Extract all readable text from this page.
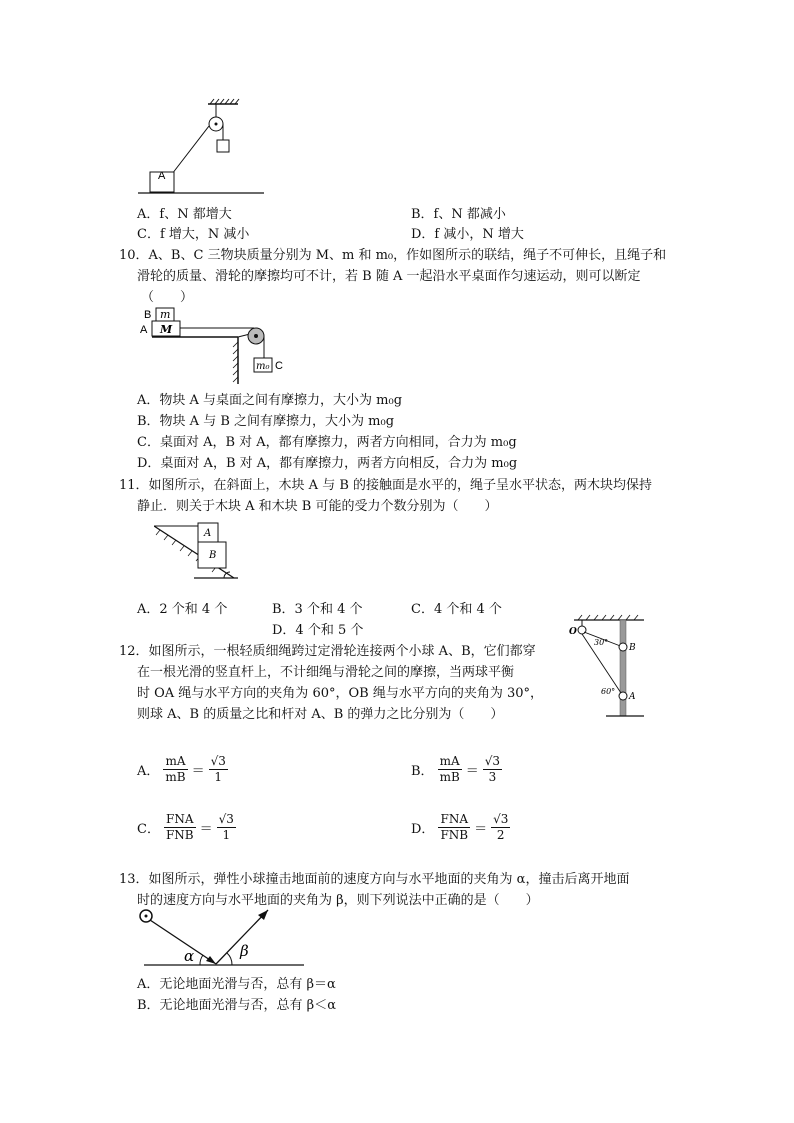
A
A．f、N 都增大	B．f、N 都减小
C．f 增大，N 减小	D．f 减小，N 增大
10．A、B、C 三物块质量分别为 M、m 和 m₀，作如图所示的联结，绳子不可伸长，且绳子和
滑轮的质量、滑轮的摩擦均可不计，若 B 随 A 一起沿水平桌面作匀速运动，则可以断定
（　　）
m
B
M
A
m₀ C
A．物块 A 与桌面之间有摩擦力，大小为 m₀g
B．物块 A 与 B 之间有摩擦力，大小为 m₀g
C．桌面对 A，B 对 A，都有摩擦力，两者方向相同，合力为 m₀g
D．桌面对 A，B 对 A，都有摩擦力，两者方向相反，合力为 m₀g
11．如图所示，在斜面上，木块 A 与 B 的接触面是水平的，绳子呈水平状态，两木块均保持
静止．则关于木块 A 和木块 B 可能的受力个数分别为（　　）
A
B
A．2 个和 4 个	B．3 个和 4 个	C．4 个和 4 个
D．4 个和 5 个
12．如图所示，一根轻质细绳跨过定滑轮连接两个小球 A、B，它们都穿
在一根光滑的竖直杆上，不计细绳与滑轮之间的摩擦，当两球平衡
时 OA 绳与水平方向的夹角为 60°，OB 绳与水平方向的夹角为 30°，
则球 A、B 的质量之比和杆对 A、B 的弹力之比分别为（　　）
O
B
A
30°
60°
A． $\frac{mA}{mB} = \frac{√3}{1}$	B． $\frac{mA}{mB} = \frac{√3}{3}$
C． $\frac{\text{FNA}}{\text{FNB}} = \frac{√3}{1}$	D． $\frac{\text{FNA}}{\text{FNB}} = \frac{√3}{2}$
13．如图所示，弹性小球撞击地面前的速度方向与水平地面的夹角为 α，撞击后离开地面
时的速度方向与水平地面的夹角为 β，则下列说法中正确的是（　　）
α	β
A．无论地面光滑与否，总有 β＝α
B．无论地面光滑与否，总有 β＜α
